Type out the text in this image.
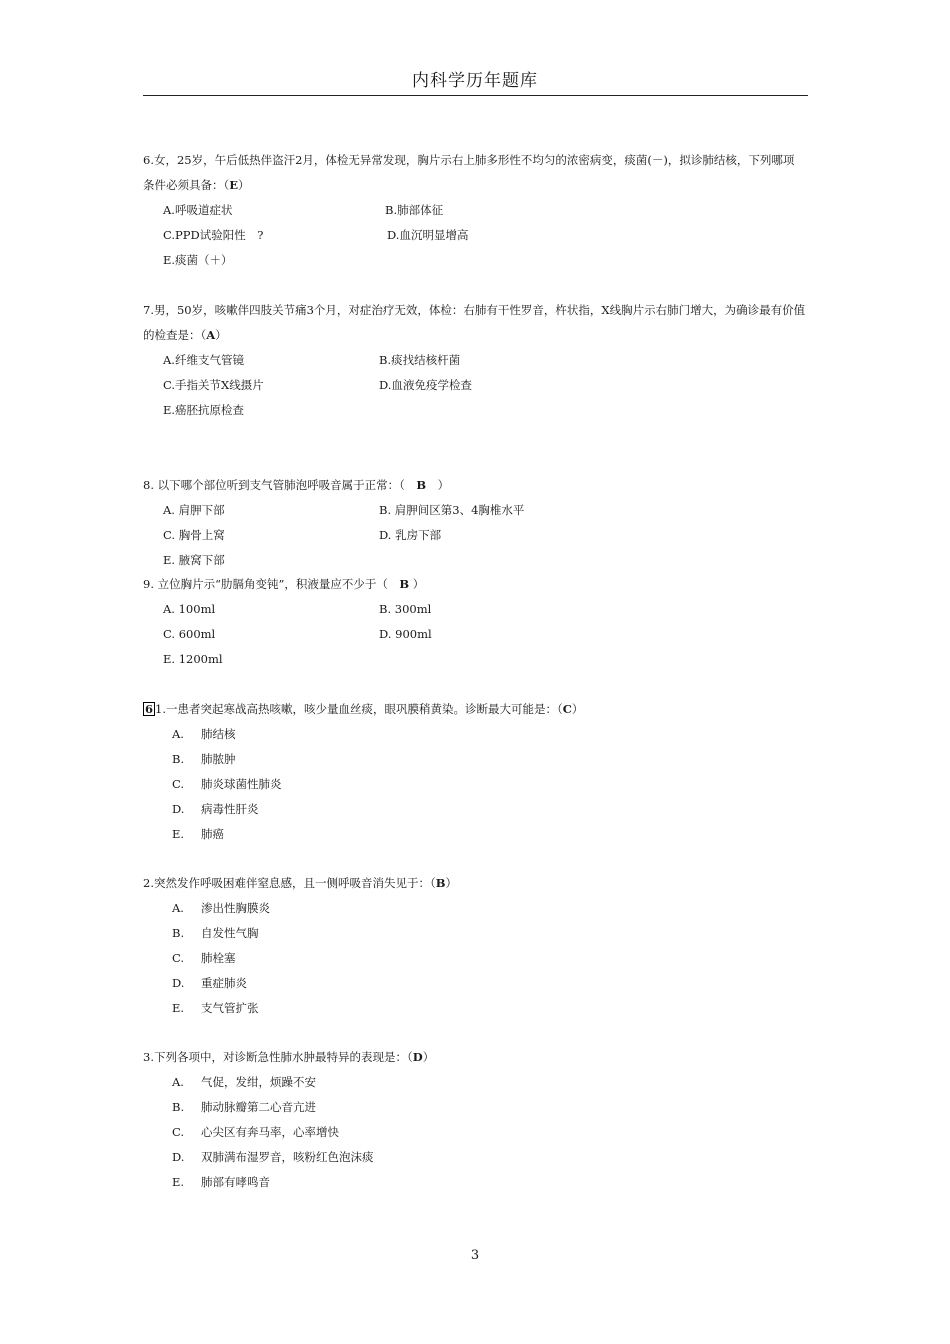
内科学历年题库
6.女，25岁，午后低热伴盗汗2月，体检无异常发现，胸片示右上肺多形性不均匀的浓密病变，痰菌(－)，拟诊肺结核，下列哪项
条件必须具备：（E）
A.呼吸道症状	B.肺部体征
C.PPD试验阳性　?	D.血沉明显增高
E.痰菌（＋）
7.男，50岁，咳嗽伴四肢关节痛3个月，对症治疗无效，体检：右肺有干性罗音，杵状指，X线胸片示右肺门增大，为确诊最有价值
的检查是：（A）
A.纤维支气管镜	B.痰找结核杆菌
C.手指关节X线摄片	D.血液免疫学检查
E.癌胚抗原检查
8. 以下哪个部位听到支气管肺泡呼吸音属于正常：（　B　）
A. 肩胛下部	B. 肩胛间区第3、4胸椎水平
C. 胸骨上窝	D. 乳房下部
E. 腋窝下部
9. 立位胸片示“肋膈角变钝”，积液量应不少于（　B ）
A. 100ml	B. 300ml
C. 600ml	D. 900ml
E. 1200ml
6 1.一患者突起寒战高热咳嗽，咳少量血丝痰，眼巩膜稍黄染。诊断最大可能是：（C）
A. 肺结核
B. 肺脓肿
C. 肺炎球菌性肺炎
D. 病毒性肝炎
E. 肺癌
2.突然发作呼吸困难伴窒息感，且一侧呼吸音消失见于：（B）
A. 渗出性胸膜炎
B. 自发性气胸
C. 肺栓塞
D. 重症肺炎
E. 支气管扩张
3.下列各项中，对诊断急性肺水肿最特异的表现是：（D）
A. 气促，发绀，烦躁不安
B. 肺动脉瓣第二心音亢进
C. 心尖区有奔马率，心率增快
D. 双肺满布湿罗音，咳粉红色泡沫痰
E. 肺部有哮鸣音
3
